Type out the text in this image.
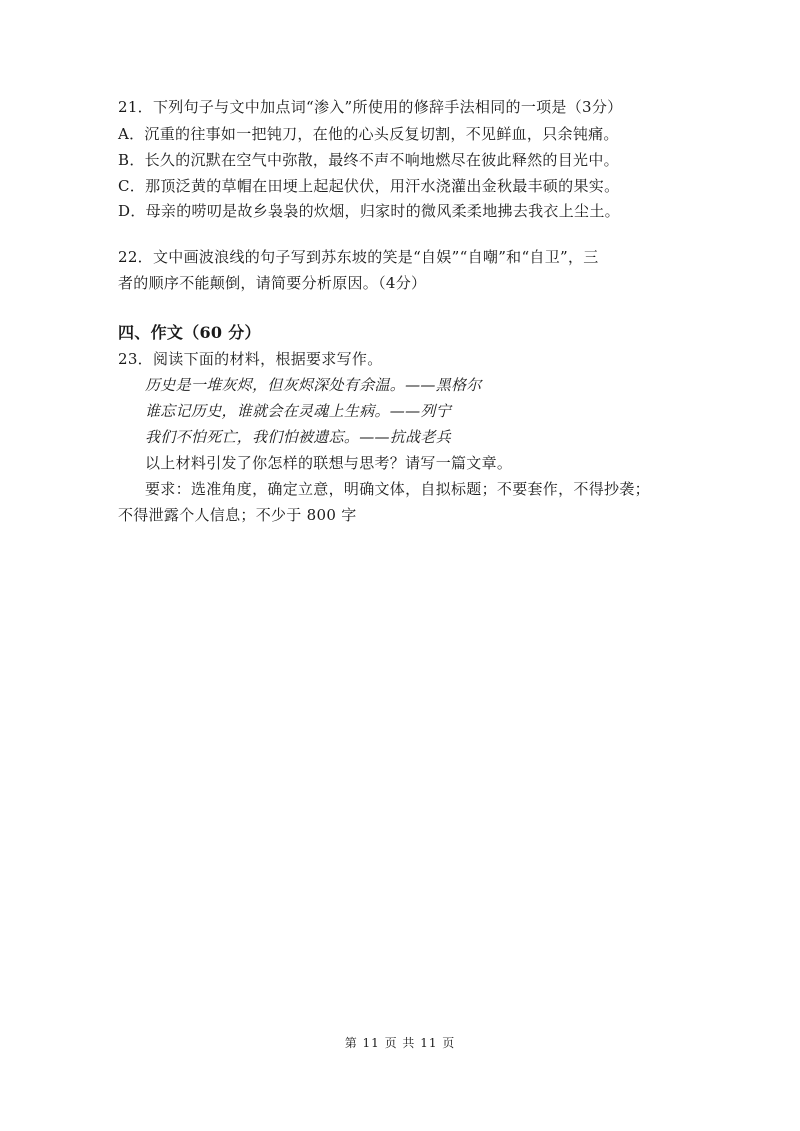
21．下列句子与文中加点词“渗入”所使用的修辞手法相同的一项是（3分）
A．沉重的往事如一把钝刀，在他的心头反复切割，不见鲜血，只余钝痛。
B．长久的沉默在空气中弥散，最终不声不响地燃尽在彼此释然的目光中。
C．那顶泛黄的草帽在田埂上起起伏伏，用汗水浇灌出金秋最丰硕的果实。
D．母亲的唠叨是故乡袅袅的炊烟，归家时的微风柔柔地拂去我衣上尘土。
22．文中画波浪线的句子写到苏东坡的笑是“自娱”“自嘲”和“自卫”，三
者的顺序不能颠倒，请简要分析原因。（4分）
四、作文（60 分）
23．阅读下面的材料，根据要求写作。
历史是一堆灰烬，但灰烬深处有余温。——黑格尔
谁忘记历史，谁就会在灵魂上生病。——列宁
我们不怕死亡，我们怕被遗忘。——抗战老兵
以上材料引发了你怎样的联想与思考？请写一篇文章。
要求：选准角度，确定立意，明确文体，自拟标题；不要套作，不得抄袭；
不得泄露个人信息；不少于 800 字
第 11 页 共 11 页
